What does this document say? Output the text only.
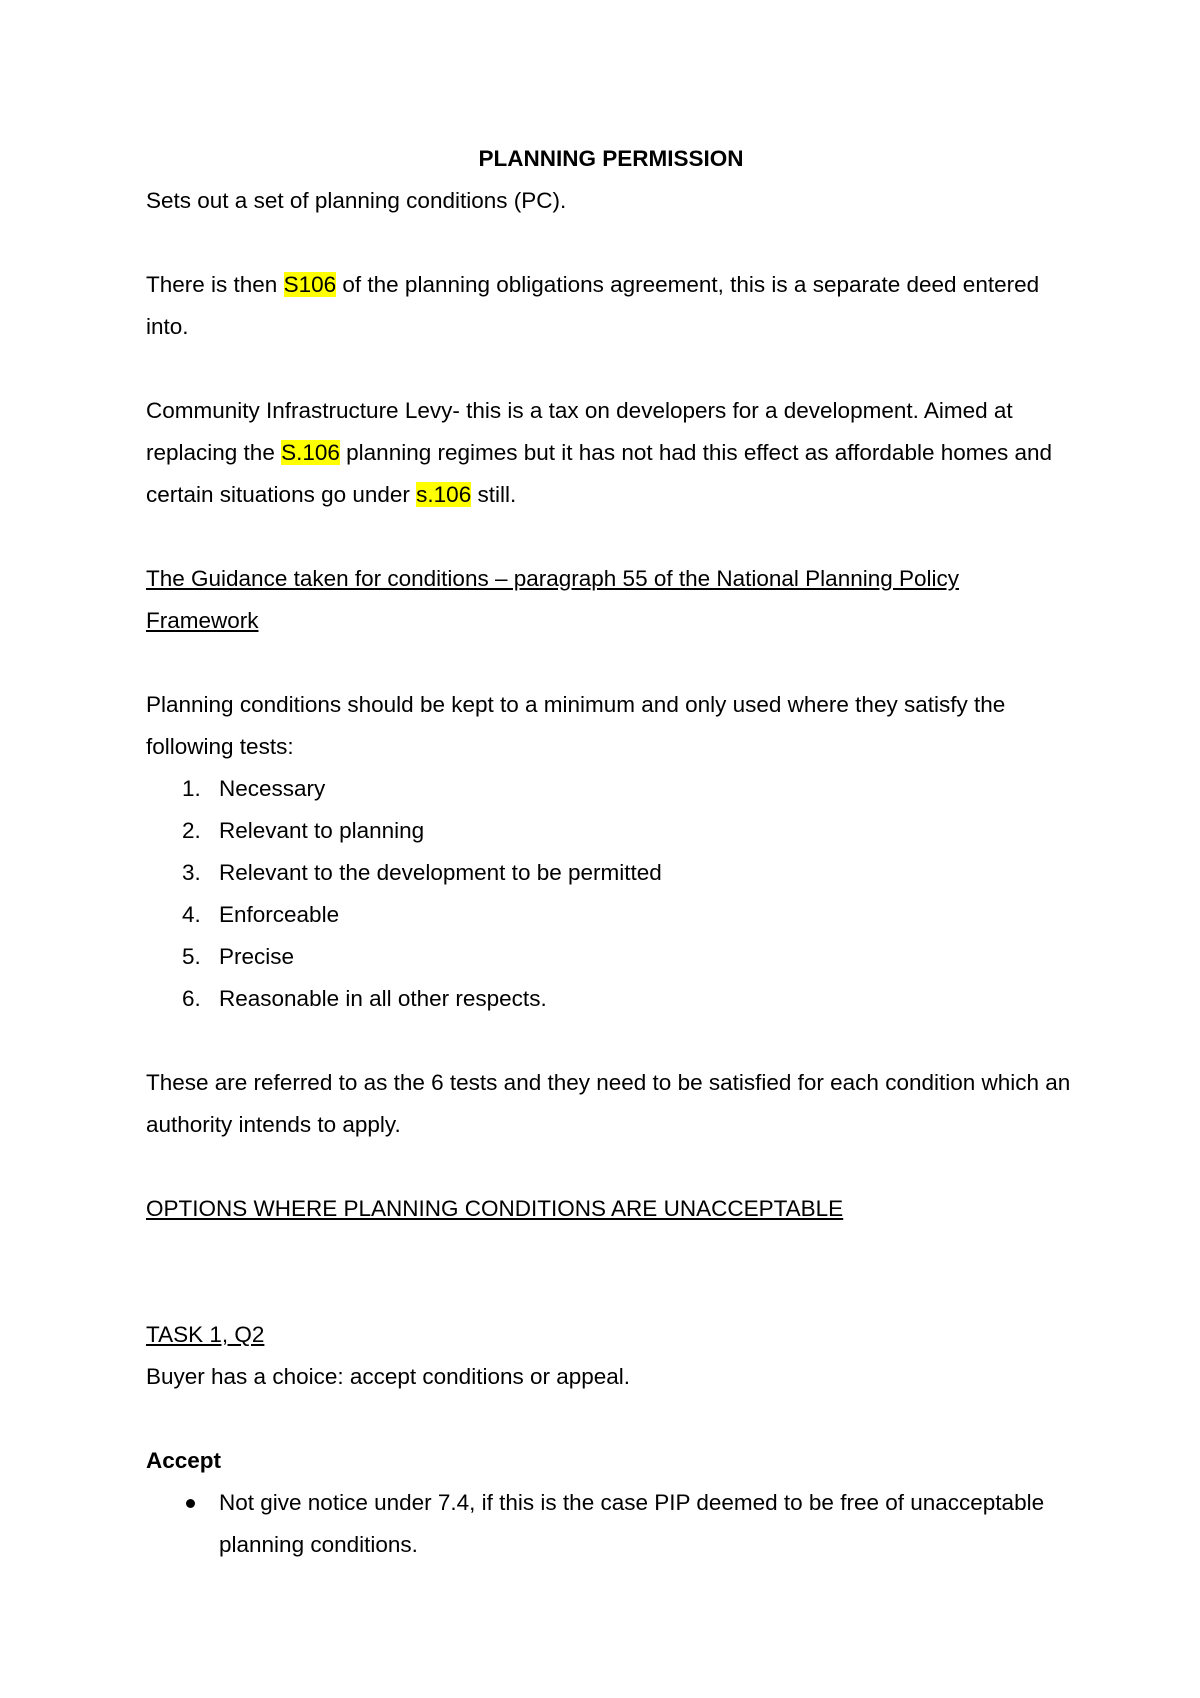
PLANNING PERMISSION

Sets out a set of planning conditions (PC).

There is then S106 of the planning obligations agreement, this is a separate deed entered into.

Community Infrastructure Levy- this is a tax on developers for a development. Aimed at replacing the S.106 planning regimes but it has not had this effect as affordable homes and certain situations go under s.106 still.

The Guidance taken for conditions – paragraph 55 of the National Planning Policy Framework

Planning conditions should be kept to a minimum and only used where they satisfy the following tests:

1. Necessary
2. Relevant to planning
3. Relevant to the development to be permitted
4. Enforceable
5. Precise
6. Reasonable in all other respects.

These are referred to as the 6 tests and they need to be satisfied for each condition which an authority intends to apply.

OPTIONS WHERE PLANNING CONDITIONS ARE UNACCEPTABLE

TASK 1, Q2

Buyer has a choice: accept conditions or appeal.

Accept

Not give notice under 7.4, if this is the case PIP deemed to be free of unacceptable planning conditions.
